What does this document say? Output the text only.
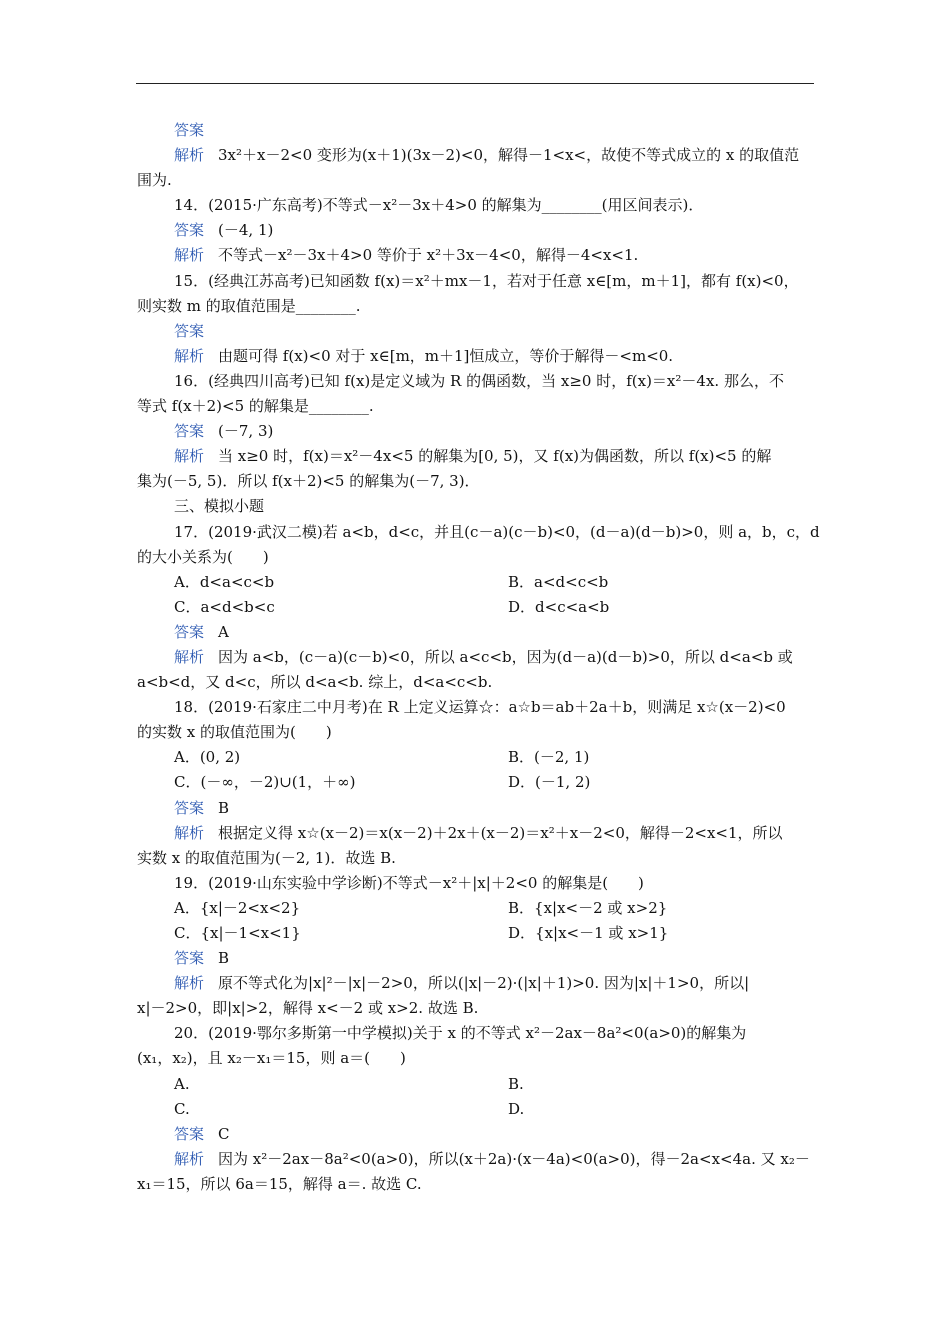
答案
解析 3x²＋x－2<0 变形为(x＋1)(3x－2)<0，解得－1<x<，故使不等式成立的 x 的取值范
围为.
14．(2015·广东高考)不等式－x²－3x＋4>0 的解集为________(用区间表示)．
答案 (－4, 1)
解析 不等式－x²－3x＋4>0 等价于 x²＋3x－4<0，解得－4<x<1.
15．(经典江苏高考)已知函数 f(x)＝x²＋mx－1，若对于任意 x∈[m，m＋1]，都有 f(x)<0，
则实数 m 的取值范围是________.
答案
解析 由题可得 f(x)<0 对于 x∈[m，m＋1]恒成立，等价于解得－<m<0.
16．(经典四川高考)已知 f(x)是定义域为 R 的偶函数，当 x≥0 时，f(x)＝x²－4x. 那么，不
等式 f(x＋2)<5 的解集是________.
答案 (－7, 3)
解析 当 x≥0 时，f(x)＝x²－4x<5 的解集为[0, 5)，又 f(x)为偶函数，所以 f(x)<5 的解
集为(－5, 5)．所以 f(x＋2)<5 的解集为(－7, 3)．
三、模拟小题
17．(2019·武汉二模)若 a<b，d<c，并且(c－a)(c－b)<0，(d－a)(d－b)>0，则 a，b，c，d
的大小关系为(　　)
A．d<a<c<b	B．a<d<c<b
C．a<d<b<c	D．d<c<a<b
答案 A
解析 因为 a<b，(c－a)(c－b)<0，所以 a<c<b，因为(d－a)(d－b)>0，所以 d<a<b 或
a<b<d，又 d<c，所以 d<a<b. 综上，d<a<c<b.
18．(2019·石家庄二中月考)在 R 上定义运算☆：a☆b＝ab＋2a＋b，则满足 x☆(x－2)<0
的实数 x 的取值范围为(　　)
A．(0, 2)	B．(－2, 1)
C．(－∞，－2)∪(1，＋∞)	D．(－1, 2)
答案 B
解析 根据定义得 x☆(x－2)＝x(x－2)＋2x＋(x－2)＝x²＋x－2<0，解得－2<x<1，所以
实数 x 的取值范围为(－2, 1)．故选 B.
19．(2019·山东实验中学诊断)不等式－x²＋|x|＋2<0 的解集是(　　)
A．{x|－2<x<2}	B．{x|x<－2 或 x>2}
C．{x|－1<x<1}	D．{x|x<－1 或 x>1}
答案 B
解析 原不等式化为|x|²－|x|－2>0，所以(|x|－2)·(|x|＋1)>0. 因为|x|＋1>0，所以|
x|－2>0，即|x|>2，解得 x<－2 或 x>2. 故选 B.
20．(2019·鄂尔多斯第一中学模拟)关于 x 的不等式 x²－2ax－8a²<0(a>0)的解集为
(x₁，x₂)，且 x₂－x₁＝15，则 a＝(　　)
A.	B.
C.	D.
答案 C
解析 因为 x²－2ax－8a²<0(a>0)，所以(x＋2a)·(x－4a)<0(a>0)，得－2a<x<4a. 又 x₂－
x₁＝15，所以 6a＝15，解得 a＝. 故选 C.
